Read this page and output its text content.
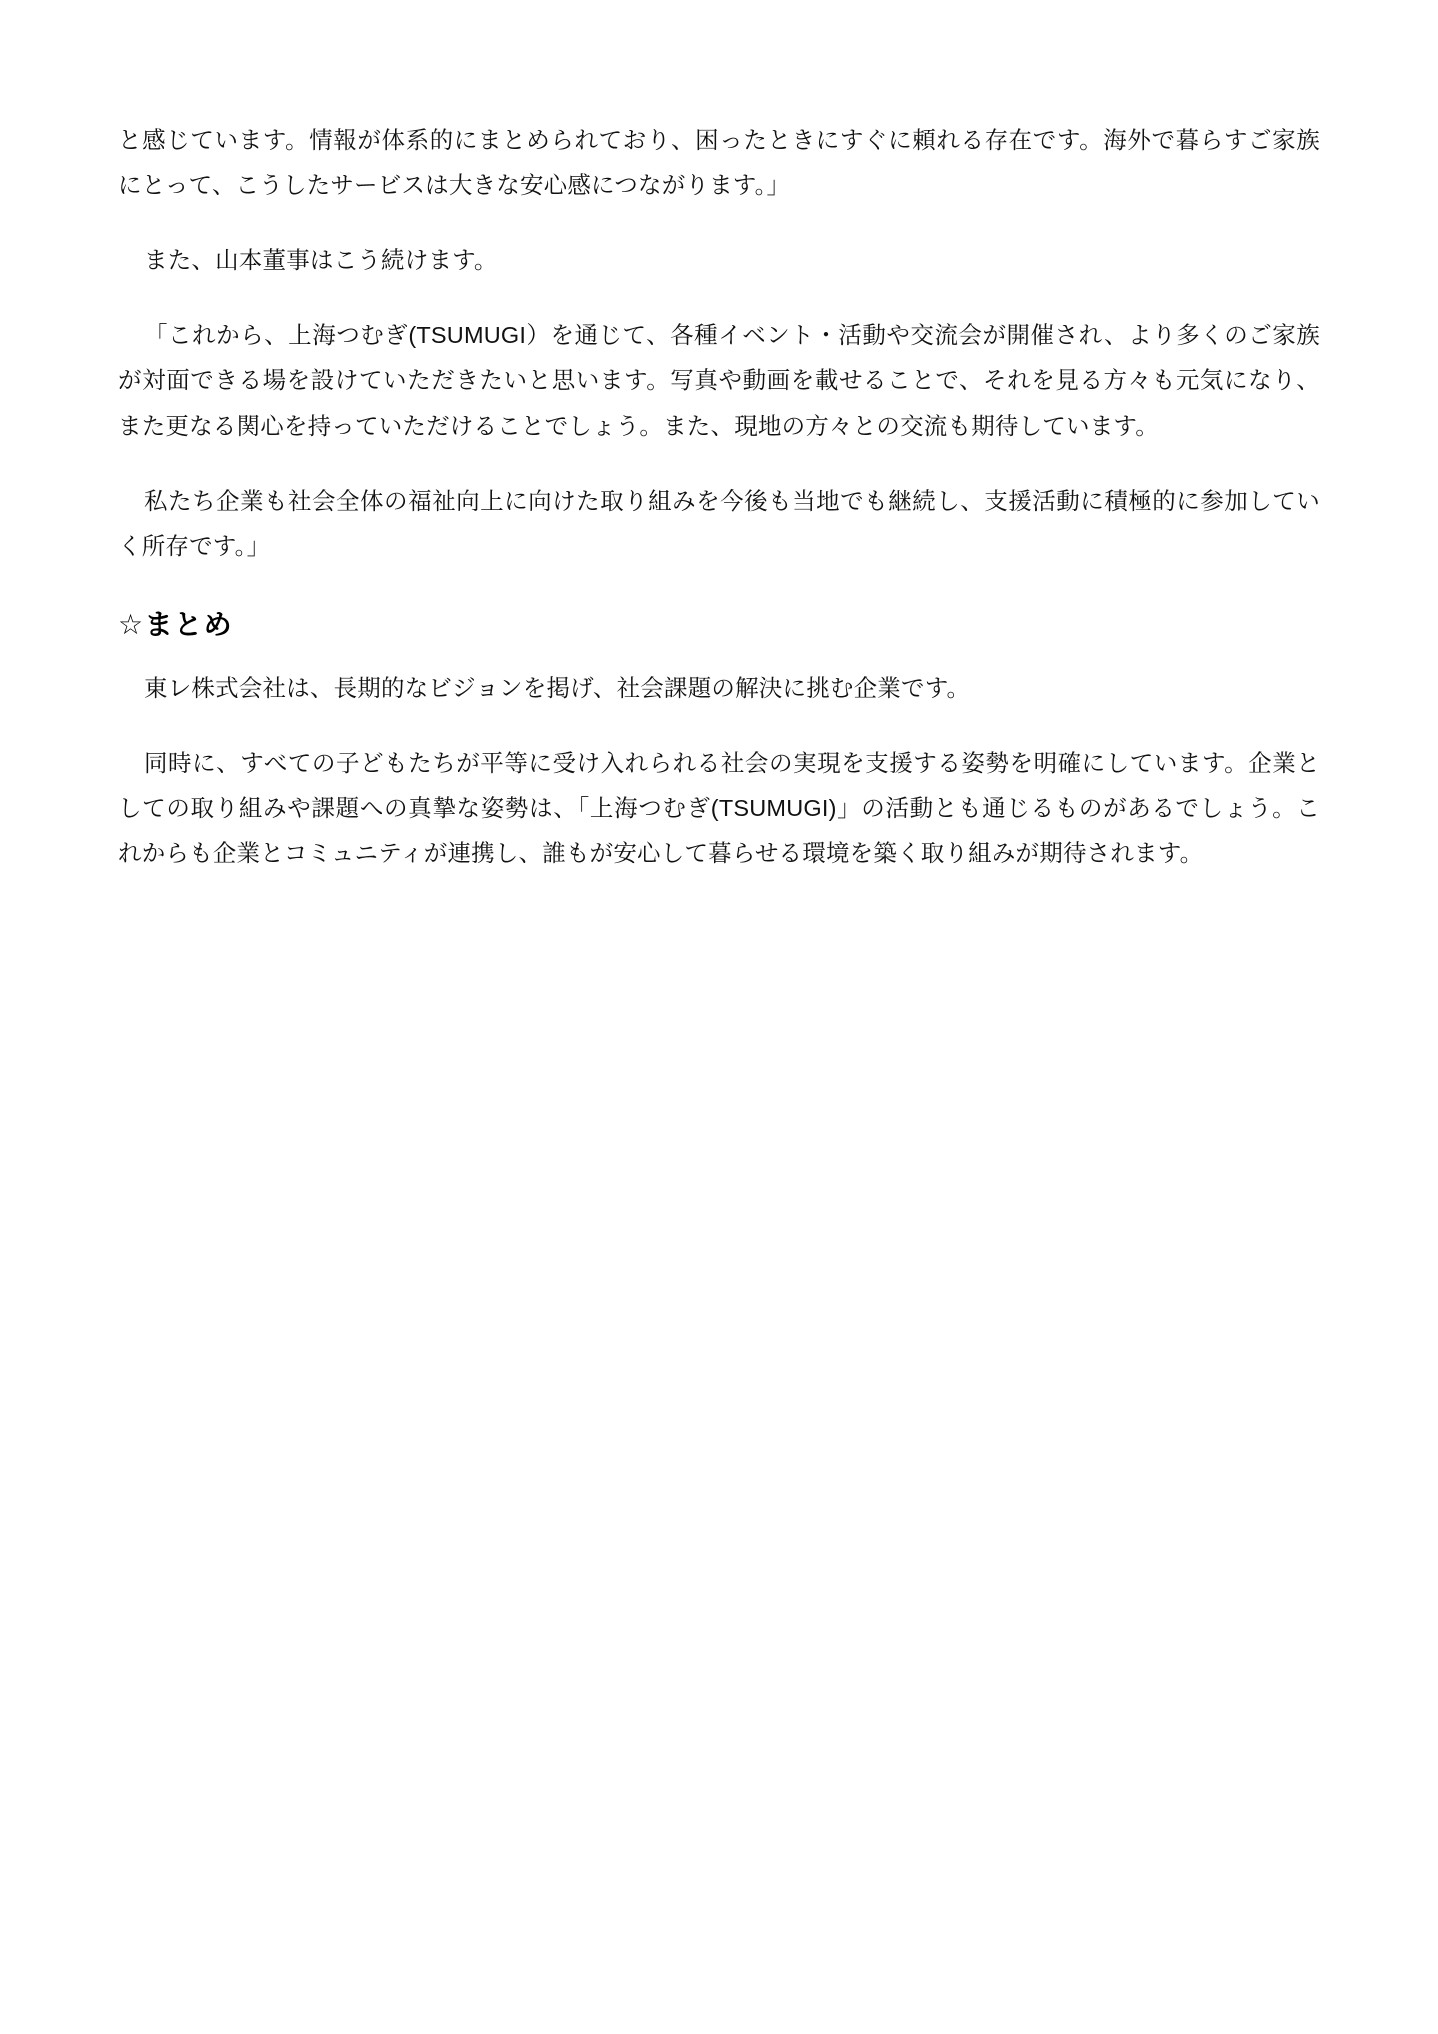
と感じています。情報が体系的にまとめられており、困ったときにすぐに頼れる存在です。海外で暮らすご家族にとって、こうしたサービスは大きな安心感につながります。」

また、山本董事はこう続けます。

「これから、上海つむぎ(TSUMUGI）を通じて、各種イベント・活動や交流会が開催され、より多くのご家族が対面できる場を設けていただきたいと思います。写真や動画を載せることで、それを見る方々も元気になり、また更なる関心を持っていただけることでしょう。また、現地の方々との交流も期待しています。

私たち企業も社会全体の福祉向上に向けた取り組みを今後も当地でも継続し、支援活動に積極的に参加していく所存です。」

☆まとめ

東レ株式会社は、長期的なビジョンを掲げ、社会課題の解決に挑む企業です。

同時に、すべての子どもたちが平等に受け入れられる社会の実現を支援する姿勢を明確にしています。企業としての取り組みや課題への真摯な姿勢は、「上海つむぎ(TSUMUGI)」の活動とも通じるものがあるでしょう。これからも企業とコミュニティが連携し、誰もが安心して暮らせる環境を築く取り組みが期待されます。
